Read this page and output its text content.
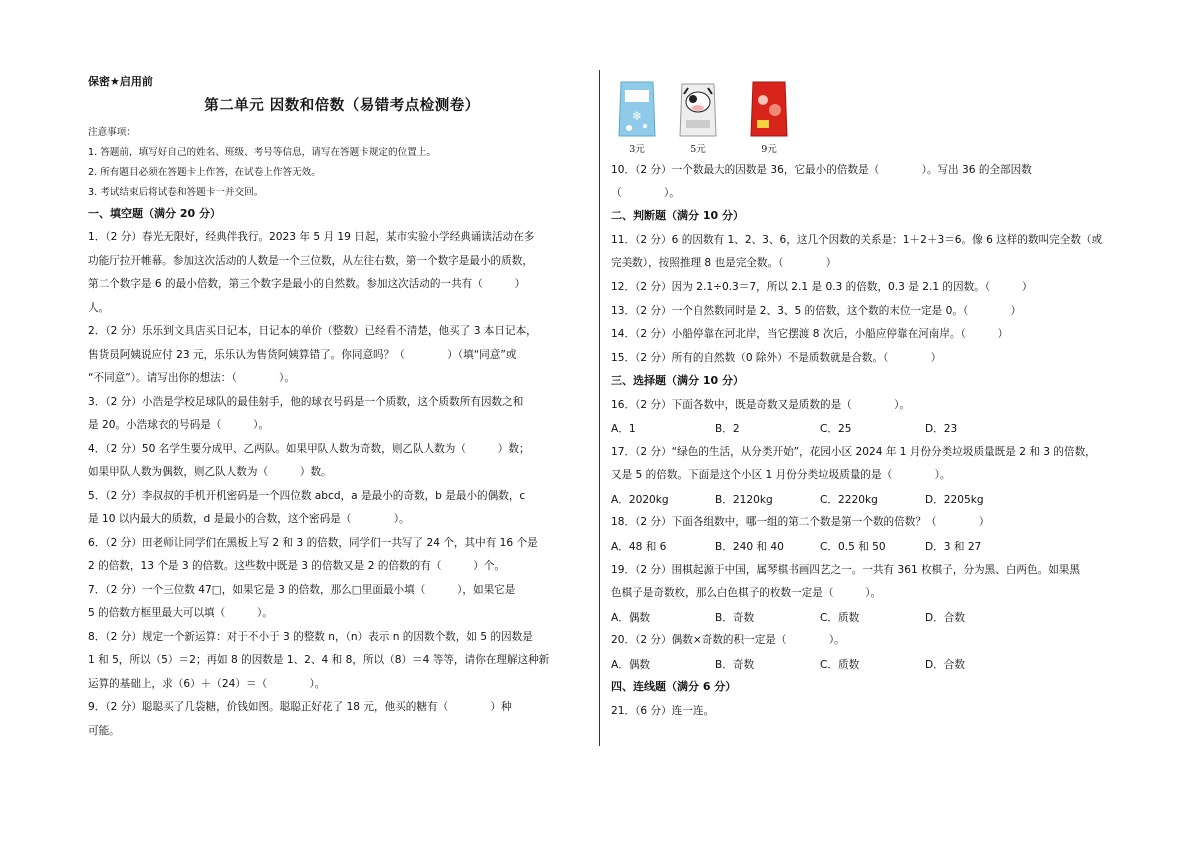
保密★启用前
第二单元 因数和倍数（易错考点检测卷）
注意事项：
1. 答题前，填写好自己的姓名、班级、考号等信息，请写在答题卡规定的位置上。
2. 所有题目必须在答题卡上作答，在试卷上作答无效。
3. 考试结束后将试卷和答题卡一并交回。
一、填空题（满分 20 分）
1．（2 分）春光无限好，经典伴我行。2023 年 5 月 19 日起，某市实验小学经典诵读活动在多
功能厅拉开帷幕。参加这次活动的人数是一个三位数，从左往右数，第一个数字是最小的质数，
第二个数字是 6 的最小倍数，第三个数字是最小的自然数。参加这次活动的一共有（　　　）
人。
2．（2 分）乐乐到文具店买日记本，日记本的单价（整数）已经看不清楚，他买了 3 本日记本，
售货员阿姨说应付 23 元，乐乐认为售货阿姨算错了。你同意吗？（　　　　）（填“同意”或
“不同意”）。请写出你的想法：（　　　　）。
3．（2 分）小浩是学校足球队的最佳射手，他的球衣号码是一个质数，这个质数所有因数之和
是 20。小浩球衣的号码是（　　　）。
4．（2 分）50 名学生要分成甲、乙两队。如果甲队人数为奇数，则乙队人数为（　　　）数；
如果甲队人数为偶数，则乙队人数为（　　　）数。
5．（2 分）李叔叔的手机开机密码是一个四位数 abcd，a 是最小的奇数，b 是最小的偶数，c
是 10 以内最大的质数，d 是最小的合数，这个密码是（　　　　）。
6．（2 分）田老师让同学们在黑板上写 2 和 3 的倍数，同学们一共写了 24 个，其中有 16 个是
2 的倍数，13 个是 3 的倍数。这些数中既是 3 的倍数又是 2 的倍数的有（　　　）个。
7．（2 分）一个三位数 47□，如果它是 3 的倍数，那么□里面最小填（　　　），如果它是
5 的倍数方框里最大可以填（　　　）。
8．（2 分）规定一个新运算：对于不小于 3 的整数 n，（n）表示 n 的因数个数，如 5 的因数是
1 和 5，所以（5）＝2；再如 8 的因数是 1、2、4 和 8，所以（8）＝4 等等，请你在理解这种新
运算的基础上，求（6）＋（24）＝（　　　　）。
9．（2 分）聪聪买了几袋糖，价钱如图。聪聪正好花了 18 元，他买的糖有（　　　　）种
可能。
❄
3元	5元	9元
10．（2 分）一个数最大的因数是 36，它最小的倍数是（　　　　）。写出 36 的全部因数
（　　　　）。
二、判断题（满分 10 分）
11．（2 分）6 的因数有 1、2、3、6，这几个因数的关系是：1＋2＋3＝6。像 6 这样的数叫完全数（或
完美数），按照推理 8 也是完全数。（　　　　）
12．（2 分）因为 2.1÷0.3＝7，所以 2.1 是 0.3 的倍数，0.3 是 2.1 的因数。（　　　）
13．（2 分）一个自然数同时是 2、3、5 的倍数，这个数的末位一定是 0。（　　　　）
14．（2 分）小船停靠在河北岸，当它摆渡 8 次后，小船应停靠在河南岸。（　　　）
15．（2 分）所有的自然数（0 除外）不是质数就是合数。（　　　　）
三、选择题（满分 10 分）
16．（2 分）下面各数中，既是奇数又是质数的是（　　　　）。
A．1	B．2	C．25	D．23
17．（2 分）“绿色的生活，从分类开始”，花园小区 2024 年 1 月份分类垃圾质量既是 2 和 3 的倍数，
又是 5 的倍数。下面是这个小区 1 月份分类垃圾质量的是（　　　　）。
A．2020kg	B．2120kg	C．2220kg	D．2205kg
18．（2 分）下面各组数中，哪一组的第二个数是第一个数的倍数？（　　　　）
A．48 和 6	B．240 和 40	C．0.5 和 50	D．3 和 27
19．（2 分）围棋起源于中国，属琴棋书画四艺之一。一共有 361 枚棋子，分为黑、白两色。如果黑
色棋子是奇数枚，那么白色棋子的枚数一定是（　　　）。
A．偶数	B．奇数	C．质数	D．合数
20．（2 分）偶数×奇数的积一定是（　　　　）。
A．偶数	B．奇数	C．质数	D．合数
四、连线题（满分 6 分）
21．（6 分）连一连。
